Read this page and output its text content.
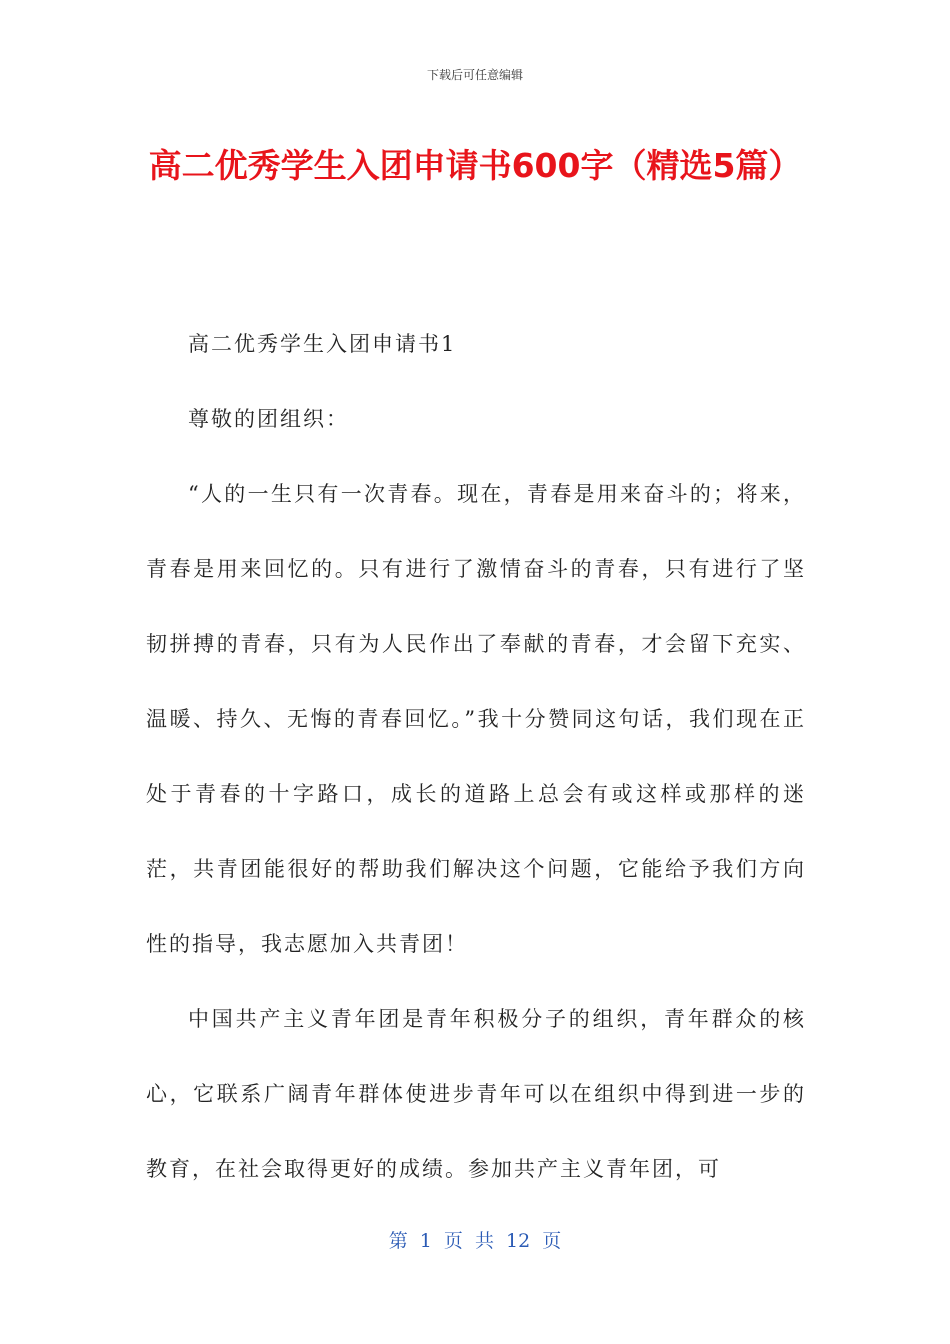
下载后可任意编辑
高二优秀学生入团申请书600字（精选5篇）

高二优秀学生入团申请书1

尊敬的团组织：

“人的一生只有一次青春。现在，青春是用来奋斗的；将来，青春是用来回忆的。只有进行了激情奋斗的青春，只有进行了坚韧拼搏的青春，只有为人民作出了奉献的青春，才会留下充实、温暖、持久、无悔的青春回忆。”我十分赞同这句话，我们现在正处于青春的十字路口，成长的道路上总会有或这样或那样的迷茫，共青团能很好的帮助我们解决这个问题，它能给予我们方向性的指导，我志愿加入共青团！

中国共产主义青年团是青年积极分子的组织，青年群众的核心，它联系广阔青年群体使进步青年可以在组织中得到进一步的教育，在社会取得更好的成绩。参加共产主义青年团，可

第 1 页 共 12 页
